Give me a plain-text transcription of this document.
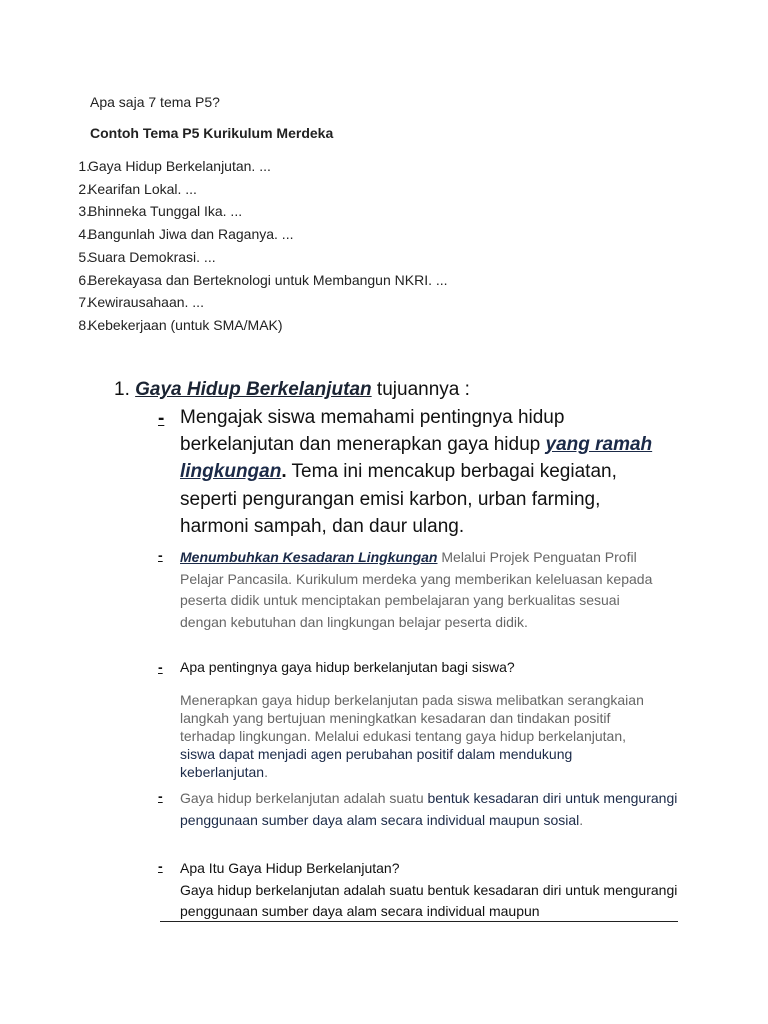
Apa saja 7 tema P5?
Contoh Tema P5 Kurikulum Merdeka
1.
Gaya Hidup Berkelanjutan. ...
2.
Kearifan Lokal. ...
3.
Bhinneka Tunggal Ika. ...
4.
Bangunlah Jiwa dan Raganya. ...
5.
Suara Demokrasi. ...
6.
Berekayasa dan Berteknologi untuk Membangun NKRI. ...
7.
Kewirausahaan. ...
8.
Kebekerjaan (untuk SMA/MAK)
1. Gaya Hidup Berkelanjutan tujuannya :
- Mengajak siswa memahami pentingnya hidup berkelanjutan dan menerapkan gaya hidup yang ramah lingkungan. Tema ini mencakup berbagai kegiatan, seperti pengurangan emisi karbon, urban farming, harmoni sampah, dan daur ulang.
- Menumbuhkan Kesadaran Lingkungan Melalui Projek Penguatan Profil Pelajar Pancasila. Kurikulum merdeka yang memberikan keleluasan kepada peserta didik untuk menciptakan pembelajaran yang berkualitas sesuai dengan kebutuhan dan lingkungan belajar peserta didik.
- Apa pentingnya gaya hidup berkelanjutan bagi siswa?
Menerapkan gaya hidup berkelanjutan pada siswa melibatkan serangkaian langkah yang bertujuan meningkatkan kesadaran dan tindakan positif terhadap lingkungan. Melalui edukasi tentang gaya hidup berkelanjutan, siswa dapat menjadi agen perubahan positif dalam mendukung keberlanjutan.
- Gaya hidup berkelanjutan adalah suatu bentuk kesadaran diri untuk mengurangi penggunaan sumber daya alam secara individual maupun sosial.
- Apa Itu Gaya Hidup Berkelanjutan?
Gaya hidup berkelanjutan adalah suatu bentuk kesadaran diri untuk mengurangi penggunaan sumber daya alam secara individual maupun
